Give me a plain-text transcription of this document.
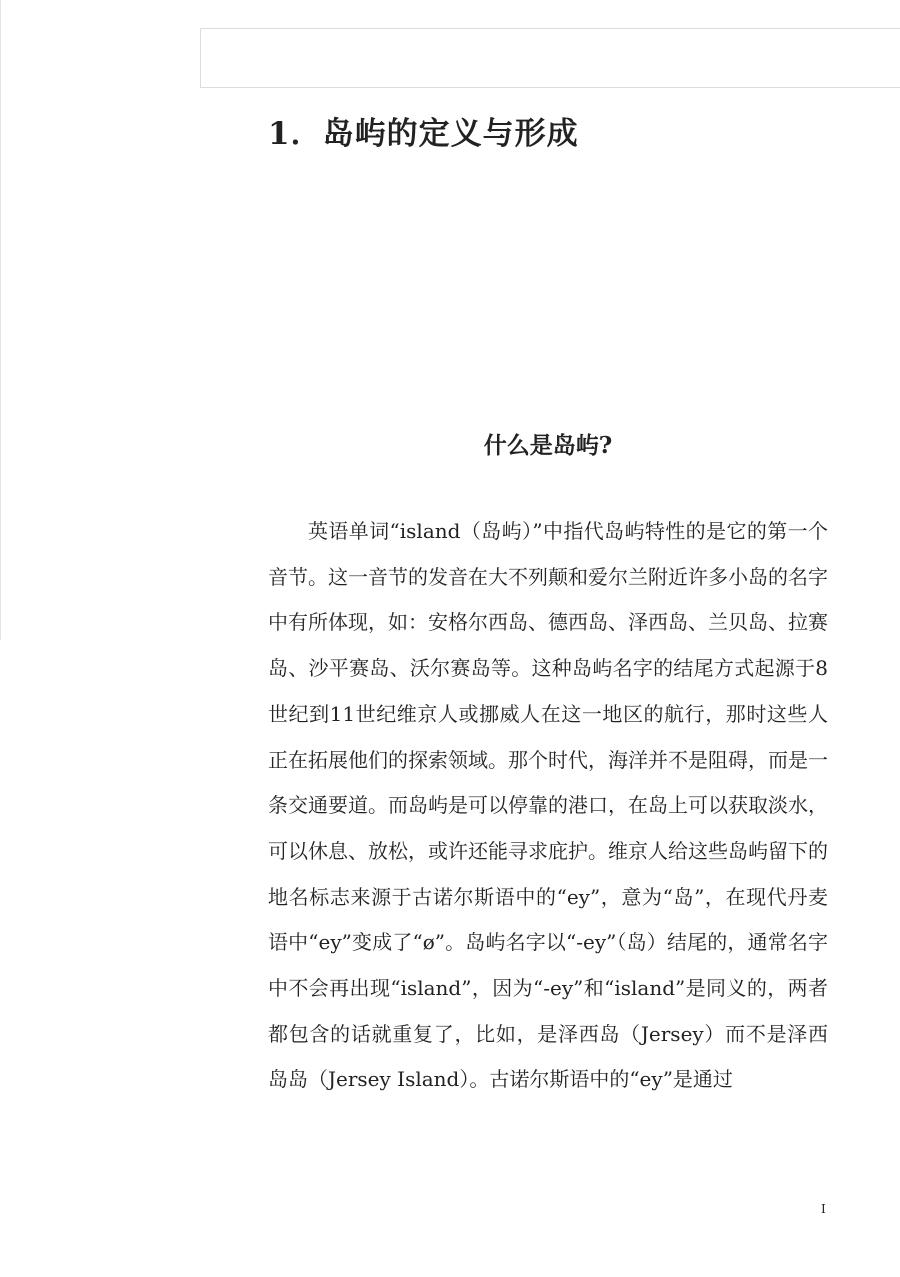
1．岛屿的定义与形成
什么是岛屿?

英语单词“island（岛屿）”中指代岛屿特性的是它的第一个音节。这一音节的发音在大不列颠和爱尔兰附近许多小岛的名字中有所体现，如：安格尔西岛、德西岛、泽西岛、兰贝岛、拉赛岛、沙平赛岛、沃尔赛岛等。这种岛屿名字的结尾方式起源于8世纪到11世纪维京人或挪威人在这一地区的航行，那时这些人正在拓展他们的探索领域。那个时代，海洋并不是阻碍，而是一条交通要道。而岛屿是可以停靠的港口，在岛上可以获取淡水，可以休息、放松，或许还能寻求庇护。维京人给这些岛屿留下的地名标志来源于古诺尔斯语中的“ey”，意为“岛”，在现代丹麦语中“ey”变成了“ø”。岛屿名字以“-ey”（岛）结尾的，通常名字中不会再出现“island”，因为“-ey”和“island”是同义的，两者都包含的话就重复了，比如，是泽西岛（Jersey）而不是泽西岛岛（Jersey Island）。古诺尔斯语中的“ey”是通过

I
